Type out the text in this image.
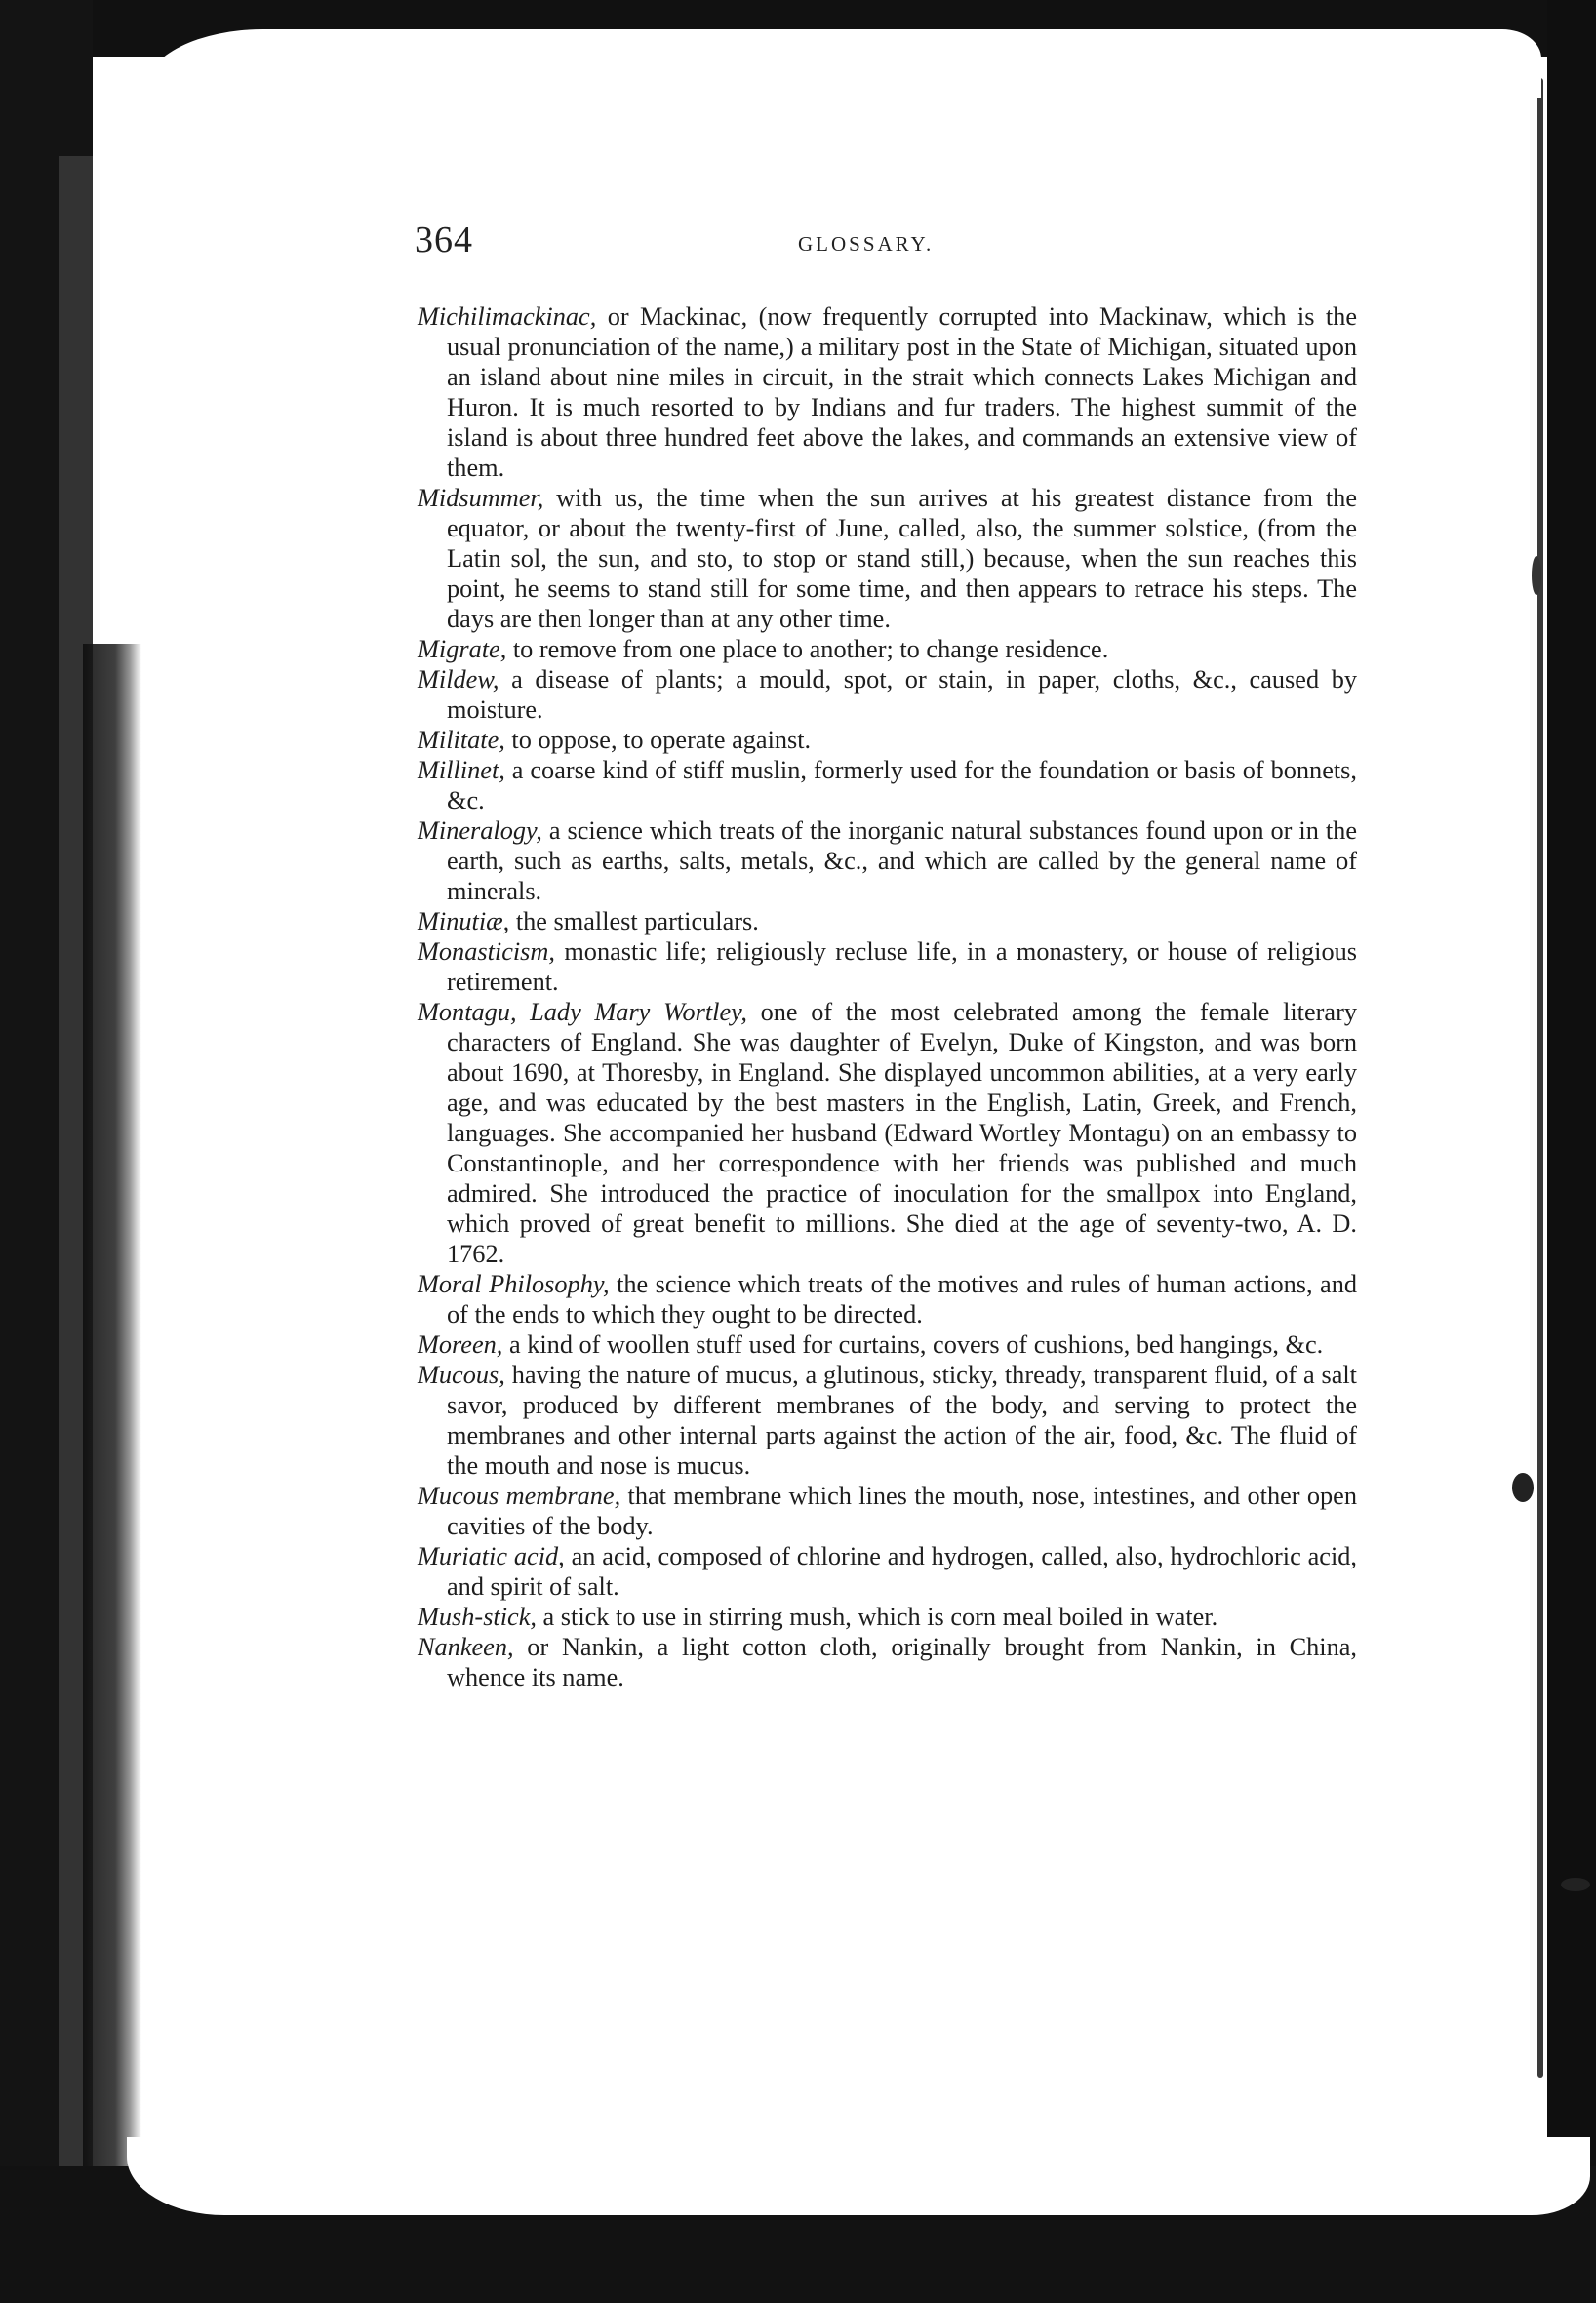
364	GLOSSARY.

Michilimackinac, or Mackinac, (now frequently corrupted into Mackinaw, which is the usual pronunciation of the name,) a military post in the State of Michigan, situated upon an island about nine miles in circuit, in the strait which connects Lakes Michigan and Huron. It is much resorted to by Indians and fur traders. The highest summit of the island is about three hundred feet above the lakes, and commands an extensive view of them.

Midsummer, with us, the time when the sun arrives at his greatest distance from the equator, or about the twenty-first of June, called, also, the summer solstice, (from the Latin sol, the sun, and sto, to stop or stand still,) because, when the sun reaches this point, he seems to stand still for some time, and then appears to retrace his steps. The days are then longer than at any other time.

Migrate, to remove from one place to another; to change residence.

Mildew, a disease of plants; a mould, spot, or stain, in paper, cloths, &c., caused by moisture.

Militate, to oppose, to operate against.

Millinet, a coarse kind of stiff muslin, formerly used for the foundation or basis of bonnets, &c.

Mineralogy, a science which treats of the inorganic natural substances found upon or in the earth, such as earths, salts, metals, &c., and which are called by the general name of minerals.

Minutiæ, the smallest particulars.

Monasticism, monastic life; religiously recluse life, in a monastery, or house of religious retirement.

Montagu, Lady Mary Wortley, one of the most celebrated among the female literary characters of England. She was daughter of Evelyn, Duke of Kingston, and was born about 1690, at Thoresby, in England. She displayed uncommon abilities, at a very early age, and was educated by the best masters in the English, Latin, Greek, and French, languages. She accompanied her husband (Edward Wortley Montagu) on an embassy to Constantinople, and her correspondence with her friends was published and much admired. She introduced the practice of inoculation for the smallpox into England, which proved of great benefit to millions. She died at the age of seventy-two, A. D. 1762.

Moral Philosophy, the science which treats of the motives and rules of human actions, and of the ends to which they ought to be directed.

Moreen, a kind of woollen stuff used for curtains, covers of cushions, bed hangings, &c.

Mucous, having the nature of mucus, a glutinous, sticky, thready, transparent fluid, of a salt savor, produced by different membranes of the body, and serving to protect the membranes and other internal parts against the action of the air, food, &c. The fluid of the mouth and nose is mucus.

Mucous membrane, that membrane which lines the mouth, nose, intestines, and other open cavities of the body.

Muriatic acid, an acid, composed of chlorine and hydrogen, called, also, hydrochloric acid, and spirit of salt.

Mush-stick, a stick to use in stirring mush, which is corn meal boiled in water.

Nankeen, or Nankin, a light cotton cloth, originally brought from Nankin, in China, whence its name.
